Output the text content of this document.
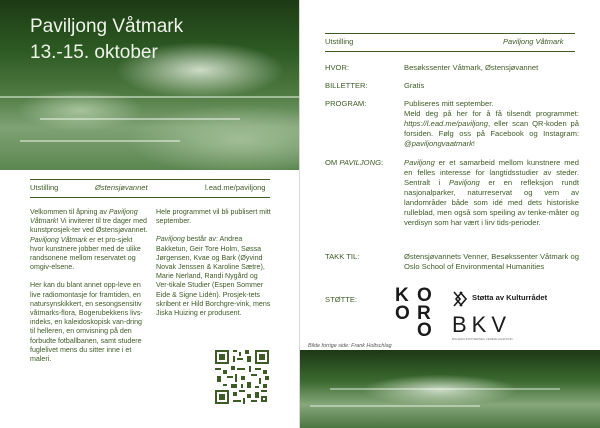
Paviljong Våtmark
13.-15. oktober
Utstilling	Østensjøvannet	l.ead.me/paviljong

Velkommen til åpning av Paviljong Våtmark! Vi inviterer til tre dager med kunstprosjek-ter ved Østensjøvannet. Paviljong Våtmark er et pro-sjekt hvor kunstnere jobber med de ulike randsonene mellom reservatet og omgiv-elsene.

Her kan du blant annet opp-leve en live radiomontasje for framtiden, en natursynskikkert, en sesongsensitiv våtmarks-flora, Bogerubekkens livs-indeks, en kaleidoskopisk van-dring til helleren, en omvisning på den forbudte fotballbanen, samt studere fuglelivet mens du sitter inne i et maleri.

Hele programmet vil bli publisert mitt september.

Paviljong består av: Andrea Bakketun, Geir Tore Holm, Søssa Jørgensen, Kvae og Bark (Øyvind Novak Jenssen & Karoline Sætre), Marie Nerland, Randi Nygård og Ver-tikale Studier (Espen Sommer Eide & Signe Lidén). Prosjek-tets skribent er Hild Borchgre-vink, mens Jiska Huizing er produsent.

Utstilling	Paviljong Våtmark
HVOR:	Besøkssenter Våtmark, Østensjøvannet
BILLETTER:	Gratis
PROGRAM:	Publiseres mitt september.
Meld deg på her for å få tilsendt programmet: https://l.ead.me/paviljong, eller scan QR-koden på forsiden. Følg oss på Facebook og Instagram: @paviljongvaatmark!
OM PAVILJONG:	Paviljong er et samarbeid mellom kunstnere med en felles interesse for langtidsstudier av steder. Sentralt i Paviljong er en refleksjon rundt nasjonalparker, naturreservat og vern av landområder både som idé med dets historiske rulleblad, men også som speiling av tenke-måter og verdisyn som har vært i lirv tids-perioder.
TAKK TIL:	Østensjøvannets Venner, Besøkssenter Våtmark og Oslo School of Environmental Humanities
STØTTE: K O
O R
O
Støtta av Kulturrådet
BKV
BILLEDKUNSTNERNES VEDERLAGSFOND
Bilde forrige side: Frank Holtschlag
